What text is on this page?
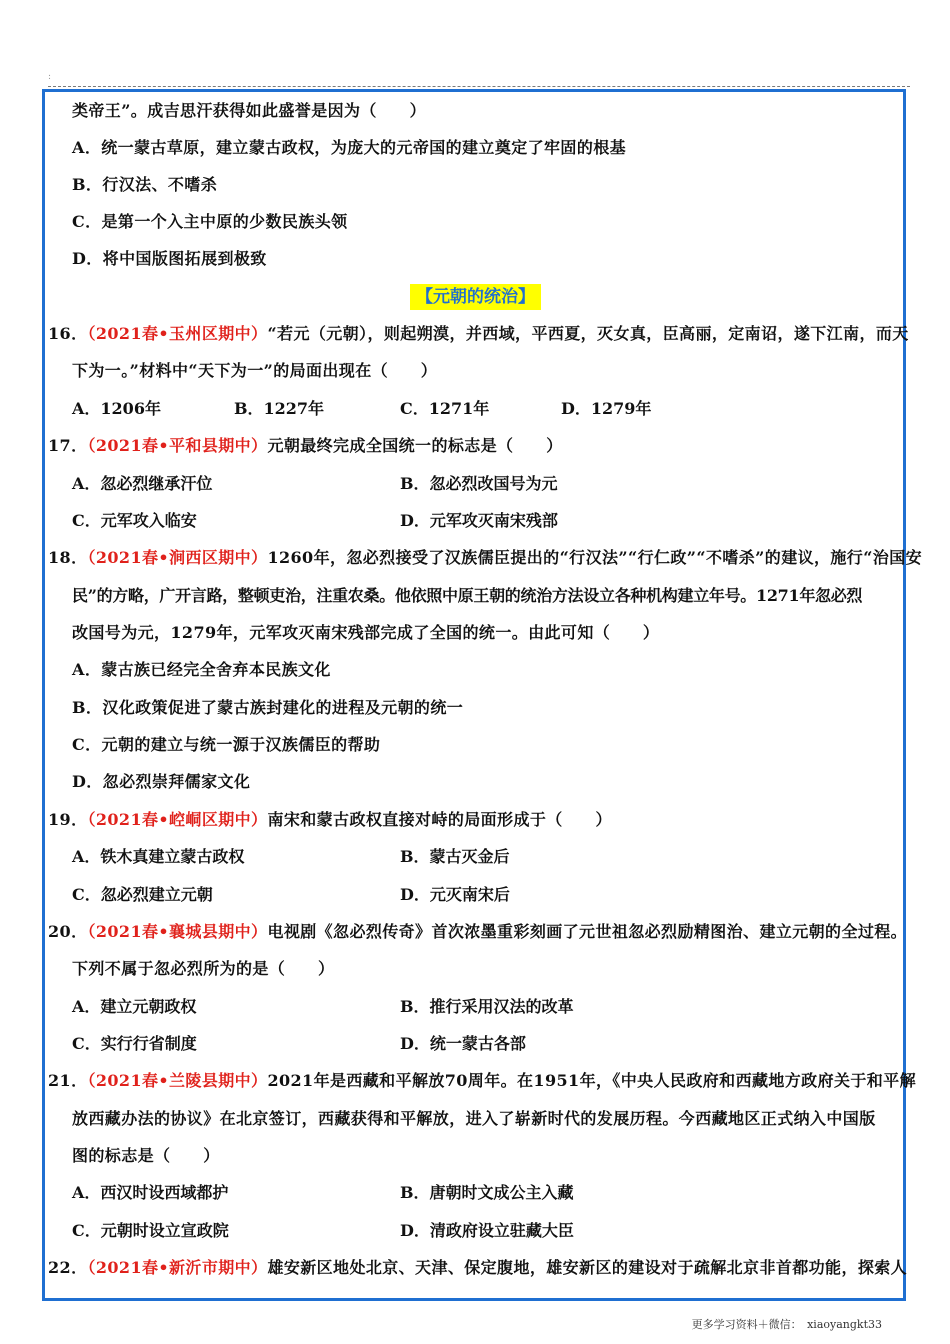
:
类帝王”。成吉思汗获得如此盛誉是因为（　　）
A．统一蒙古草原，建立蒙古政权，为庞大的元帝国的建立奠定了牢固的根基
B．行汉法、不嗜杀
C．是第一个入主中原的少数民族头领
D．将中国版图拓展到极致
【元朝的统治】
16．（2021春•玉州区期中）“若元（元朝），则起朔漠，并西域，平西夏，灭女真，臣高丽，定南诏，遂下江南，而天
下为一。”材料中“天下为一”的局面出现在（　　）
A．1206年	B．1227年	C．1271年	D．1279年
17．（2021春•平和县期中）元朝最终完成全国统一的标志是（　　）
A．忽必烈继承汗位	B．忽必烈改国号为元
C．元军攻入临安	D．元军攻灭南宋残部
18．（2021春•涧西区期中）1260年，忽必烈接受了汉族儒臣提出的“行汉法”“行仁政”“不嗜杀”的建议，施行“治国安
民”的方略，广开言路，整顿吏治，注重农桑。他依照中原王朝的统治方法设立各种机构建立年号。1271年忽必烈
改国号为元，1279年，元军攻灭南宋残部完成了全国的统一。由此可知（　　）
A．蒙古族已经完全舍弃本民族文化
B．汉化政策促进了蒙古族封建化的进程及元朝的统一
C．元朝的建立与统一源于汉族儒臣的帮助
D．忽必烈崇拜儒家文化
19．（2021春•崆峒区期中）南宋和蒙古政权直接对峙的局面形成于（　　）
A．铁木真建立蒙古政权	B．蒙古灭金后
C．忽必烈建立元朝	D．元灭南宋后
20．（2021春•襄城县期中）电视剧《忽必烈传奇》首次浓墨重彩刻画了元世祖忽必烈励精图治、建立元朝的全过程。
下列不属于忽必烈所为的是（　　）
A．建立元朝政权	B．推行采用汉法的改革
C．实行行省制度	D．统一蒙古各部
21．（2021春•兰陵县期中）2021年是西藏和平解放70周年。在1951年，《中央人民政府和西藏地方政府关于和平解
放西藏办法的协议》在北京签订，西藏获得和平解放，进入了崭新时代的发展历程。今西藏地区正式纳入中国版
图的标志是（　　）
A．西汉时设西域都护	B．唐朝时文成公主入藏
C．元朝时设立宣政院	D．清政府设立驻藏大臣
22．（2021春•新沂市期中）雄安新区地处北京、天津、保定腹地，雄安新区的建设对于疏解北京非首都功能，探索人
更多学习资料＋微信：　xiaoyangkt33
